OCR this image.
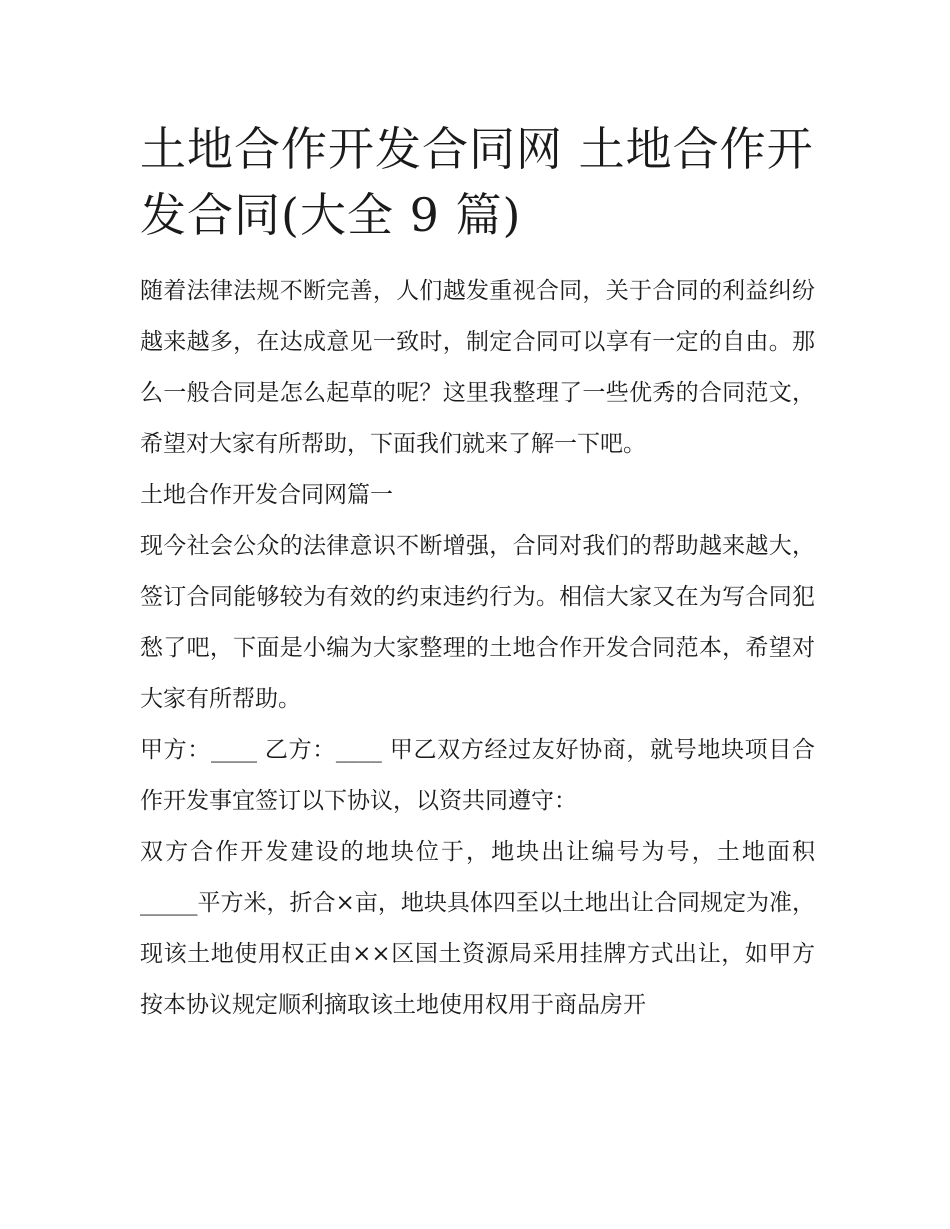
土地合作开发合同网 土地合作开发合同(大全 9 篇)

随着法律法规不断完善，人们越发重视合同，关于合同的利益纠纷越来越多，在达成意见一致时，制定合同可以享有一定的自由。那么一般合同是怎么起草的呢？这里我整理了一些优秀的合同范文，希望对大家有所帮助，下面我们就来了解一下吧。

土地合作开发合同网篇一

现今社会公众的法律意识不断增强，合同对我们的帮助越来越大，签订合同能够较为有效的约束违约行为。相信大家又在为写合同犯愁了吧，下面是小编为大家整理的土地合作开发合同范本，希望对大家有所帮助。

甲方：____ 乙方：____ 甲乙双方经过友好协商，就号地块项目合作开发事宜签订以下协议，以资共同遵守：

双方合作开发建设的地块位于，地块出让编号为号，土地面积_____平方米，折合×亩，地块具体四至以土地出让合同规定为准，现该土地使用权正由××区国土资源局采用挂牌方式出让，如甲方按本协议规定顺利摘取该土地使用权用于商品房开
